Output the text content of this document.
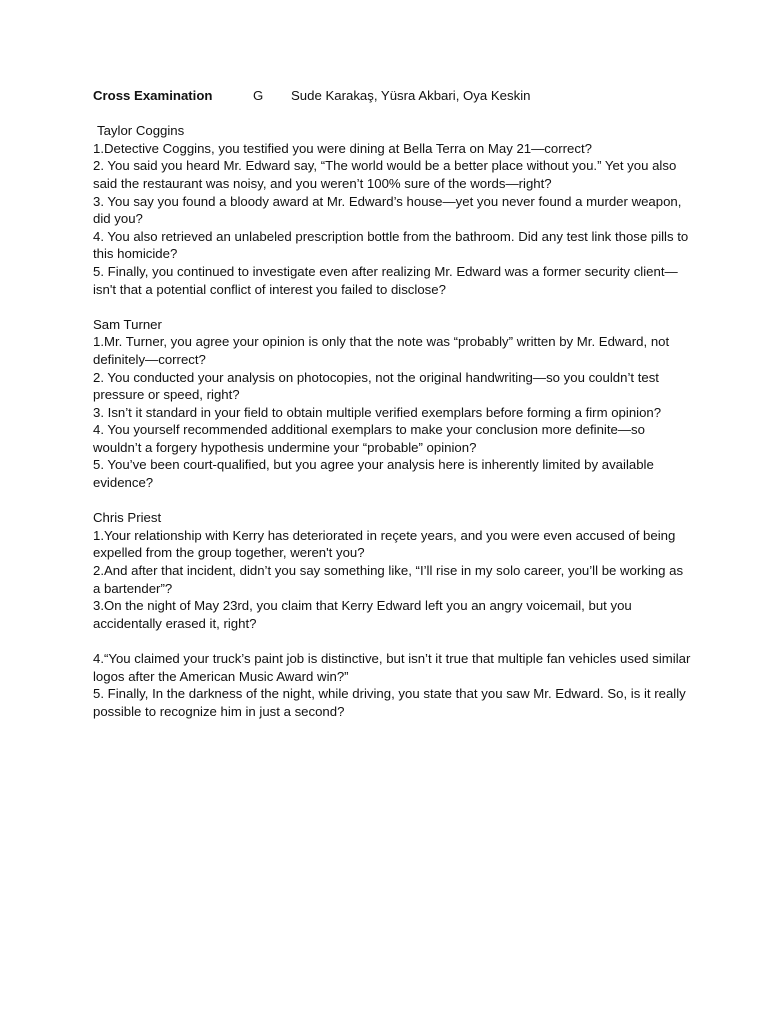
Cross Examination	G	Sude Karakaş, Yüsra Akbari, Oya Keskin
Taylor Coggins

1.Detective Coggins, you testified you were dining at Bella Terra on May 21—correct?

2. You said you heard Mr. Edward say, “The world would be a better place without you.” Yet you also said the restaurant was noisy, and you weren’t 100% sure of the words—right?

3. You say you found a bloody award at Mr. Edward’s house—yet you never found a murder weapon, did you?

4. You also retrieved an unlabeled prescription bottle from the bathroom. Did any test link those pills to this homicide?

5. Finally, you continued to investigate even after realizing Mr. Edward was a former security client—isn't that a potential conflict of interest you failed to disclose?

Sam Turner

1.Mr. Turner, you agree your opinion is only that the note was “probably” written by Mr. Edward, not definitely—correct?

2. You conducted your analysis on photocopies, not the original handwriting—so you couldn’t test pressure or speed, right?

3. Isn’t it standard in your field to obtain multiple verified exemplars before forming a firm opinion?

4. You yourself recommended additional exemplars to make your conclusion more definite—so wouldn’t a forgery hypothesis undermine your “probable” opinion?

5. You’ve been court-qualified, but you agree your analysis here is inherently limited by available evidence?

Chris Priest

1.Your relationship with Kerry has deteriorated in reçete years, and you were even accused of being expelled from the group together, weren't you?

2.And after that incident, didn’t you say something like, “I’ll rise in my solo career, you’ll be working as a bartender”?

3.On the night of May 23rd, you claim that Kerry Edward left you an angry voicemail, but you accidentally erased it, right?

4.“You claimed your truck’s paint job is distinctive, but isn’t it true that multiple fan vehicles used similar logos after the American Music Award win?”

5. Finally, In the darkness of the night, while driving, you state that you saw Mr. Edward. So, is it really possible to recognize him in just a second?
